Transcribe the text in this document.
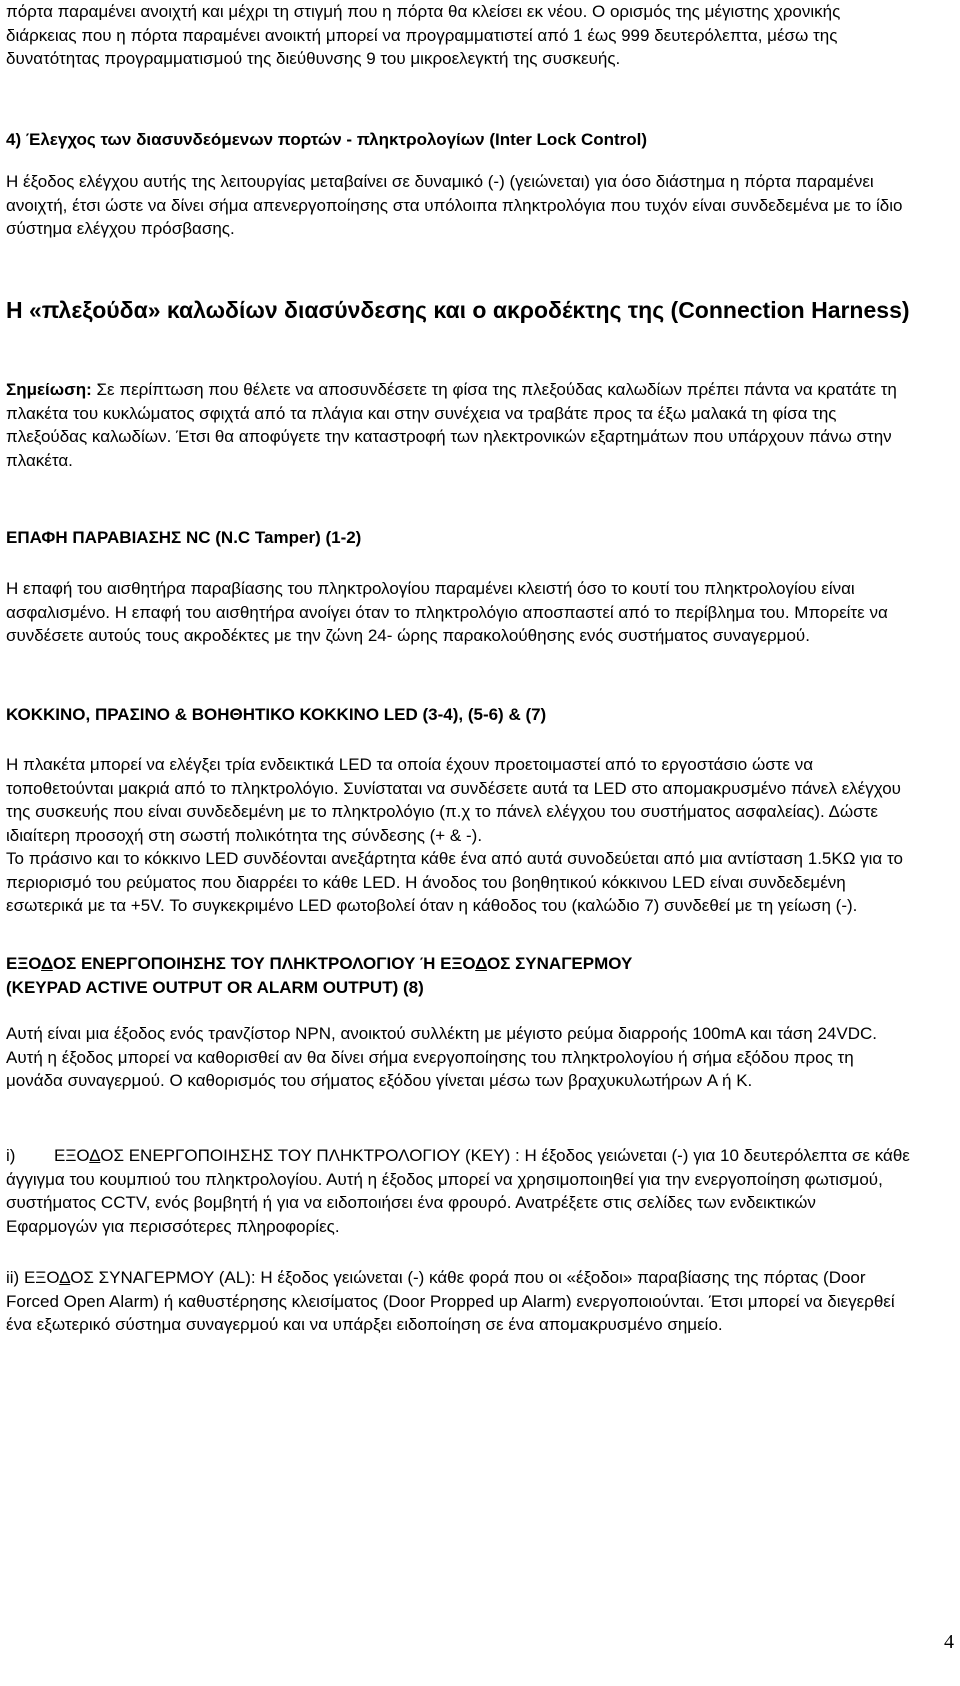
πόρτα παραμένει ανοιχτή και μέχρι τη στιγμή που η πόρτα θα κλείσει εκ νέου. Ο ορισμός της μέγιστης χρονικής διάρκειας που η πόρτα παραμένει ανοικτή μπορεί να προγραμματιστεί από 1 έως 999 δευτερόλεπτα, μέσω της δυνατότητας προγραμματισμού της διεύθυνσης 9 του μικροελεγκτή της συσκευής.

4) Έλεγχος των διασυνδεόμενων πορτών - πληκτρολογίων (Inter Lock Control)

Η έξοδος ελέγχου αυτής της λειτουργίας μεταβαίνει σε δυναμικό (-) (γειώνεται) για όσο διάστημα η πόρτα παραμένει ανοιχτή, έτσι ώστε να δίνει σήμα απενεργοποίησης στα υπόλοιπα πληκτρολόγια που τυχόν είναι συνδεδεμένα με το ίδιο σύστημα ελέγχου πρόσβασης.

Η «πλεξούδα» καλωδίων διασύνδεσης και ο ακροδέκτης της (Connection Harness)

Σημείωση: Σε περίπτωση που θέλετε να αποσυνδέσετε τη φίσα της πλεξούδας καλωδίων πρέπει πάντα να κρατάτε τη πλακέτα του κυκλώματος σφιχτά από τα πλάγια και στην συνέχεια να τραβάτε προς τα έξω μαλακά τη φίσα της πλεξούδας καλωδίων. Έτσι θα αποφύγετε την καταστροφή των ηλεκτρονικών εξαρτημάτων που υπάρχουν πάνω στην πλακέτα.

ΕΠΑΦΗ ΠΑΡΑΒΙΑΣΗΣ NC (N.C Tamper) (1-2)

Η επαφή του αισθητήρα παραβίασης του πληκτρολογίου παραμένει κλειστή όσο το κουτί του πληκτρολογίου είναι ασφαλισμένο. Η επαφή του αισθητήρα ανοίγει όταν το πληκτρολόγιο αποσπαστεί από το περίβλημα του. Μπορείτε να συνδέσετε αυτούς τους ακροδέκτες με την ζώνη 24- ώρης παρακολούθησης ενός συστήματος συναγερμού.

ΚΟΚΚΙΝΟ, ΠΡΑΣΙΝΟ & ΒΟΗΘΗΤΙΚΟ ΚΟΚΚΙΝΟ LED (3-4), (5-6) & (7)

Η πλακέτα μπορεί να ελέγξει τρία ενδεικτικά LED τα οποία έχουν προετοιμαστεί από το εργοστάσιο ώστε να τοποθετούνται μακριά από το πληκτρολόγιο. Συνίσταται να συνδέσετε αυτά τα LED στο απομακρυσμένο πάνελ ελέγχου της συσκευής που είναι συνδεδεμένη με το πληκτρολόγιο (π.χ το πάνελ ελέγχου του συστήματος ασφαλείας). Δώστε ιδιαίτερη προσοχή στη σωστή πολικότητα της σύνδεσης (+ & -).

Το πράσινο και το κόκκινο LED συνδέονται ανεξάρτητα κάθε ένα από αυτά συνοδεύεται από μια αντίσταση 1.5KΩ για το περιορισμό του ρεύματος που διαρρέει το κάθε LED. Η άνοδος του βοηθητικού κόκκινου LED είναι συνδεδεμένη εσωτερικά με τα +5V. Το συγκεκριμένο LED φωτοβολεί όταν η κάθοδος του (καλώδιο 7) συνδεθεί με τη γείωση (-).

ΕΞΟΔΟΣ ΕΝΕΡΓΟΠΟΙΗΣΗΣ ΤΟΥ ΠΛΗΚΤΡΟΛΟΓΙΟΥ Ή ΕΞΟΔΟΣ ΣΥΝΑΓΕΡΜΟΥ

(KEYPAD ACTIVE OUTPUT OR ALARM OUTPUT) (8)

Αυτή είναι μια έξοδος ενός τρανζίστορ NPN, ανοικτού συλλέκτη με μέγιστο ρεύμα διαρροής 100mA και τάση 24VDC. Αυτή η έξοδος μπορεί να καθορισθεί αν θα δίνει σήμα ενεργοποίησης του πληκτρολογίου ή σήμα εξόδου προς τη μονάδα συναγερμού. Ο καθορισμός του σήματος εξόδου γίνεται μέσω των βραχυκυλωτήρων A ή K.

i) ΕΞΟΔΟΣ ΕΝΕΡΓΟΠΟΙΗΣΗΣ ΤΟΥ ΠΛΗΚΤΡΟΛΟΓΙΟΥ (KEY) : Η έξοδος γειώνεται (-) για 10 δευτερόλεπτα σε κάθε άγγιγμα του κουμπιού του πληκτρολογίου. Αυτή η έξοδος μπορεί να χρησιμοποιηθεί για την ενεργοποίηση φωτισμού, συστήματος CCTV, ενός βομβητή ή για να ειδοποιήσει ένα φρουρό. Ανατρέξετε στις σελίδες των ενδεικτικών Εφαρμογών για περισσότερες πληροφορίες.

ii) ΕΞΟΔΟΣ ΣΥΝΑΓΕΡΜΟΥ (AL): Η έξοδος γειώνεται (-) κάθε φορά που οι «έξοδοι» παραβίασης της πόρτας (Door Forced Open Alarm) ή καθυστέρησης κλεισίματος (Door Propped up Alarm) ενεργοποιούνται. Έτσι μπορεί να διεγερθεί ένα εξωτερικό σύστημα συναγερμού και να υπάρξει ειδοποίηση σε ένα απομακρυσμένο σημείο.

4
